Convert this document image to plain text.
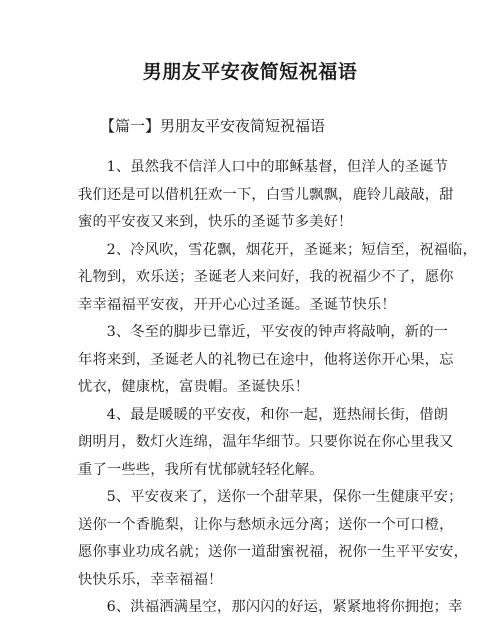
男朋友平安夜简短祝福语
【篇一】男朋友平安夜简短祝福语

1、虽然我不信洋人口中的耶稣基督，但洋人的圣诞节
我们还是可以借机狂欢一下，白雪儿飘飘，鹿铃儿敲敲，甜
蜜的平安夜又来到，快乐的圣诞节多美好！

2、冷风吹，雪花飘，烟花开，圣诞来；短信至，祝福临，
礼物到，欢乐送；圣诞老人来问好，我的祝福少不了，愿你
幸幸福福平安夜，开开心心过圣诞。圣诞节快乐！

3、冬至的脚步已靠近，平安夜的钟声将敲响，新的一
年将来到，圣诞老人的礼物已在途中，他将送你开心果，忘
忧衣，健康枕，富贵帽。圣诞快乐！

4、最是暖暖的平安夜，和你一起，逛热闹长街，借朗
朗明月，数灯火连绵，温年华细节。只要你说在你心里我又
重了一些些，我所有忧郁就轻轻化解。

5、平安夜来了，送你一个甜苹果，保你一生健康平安；
送你一个香脆梨，让你与愁烦永远分离；送你一个可口橙，
愿你事业功成名就；送你一道甜蜜祝福，祝你一生平平安安，
快快乐乐，幸幸福福！

6、洪福洒满星空，那闪闪的好运，紧紧地将你拥抱；幸
